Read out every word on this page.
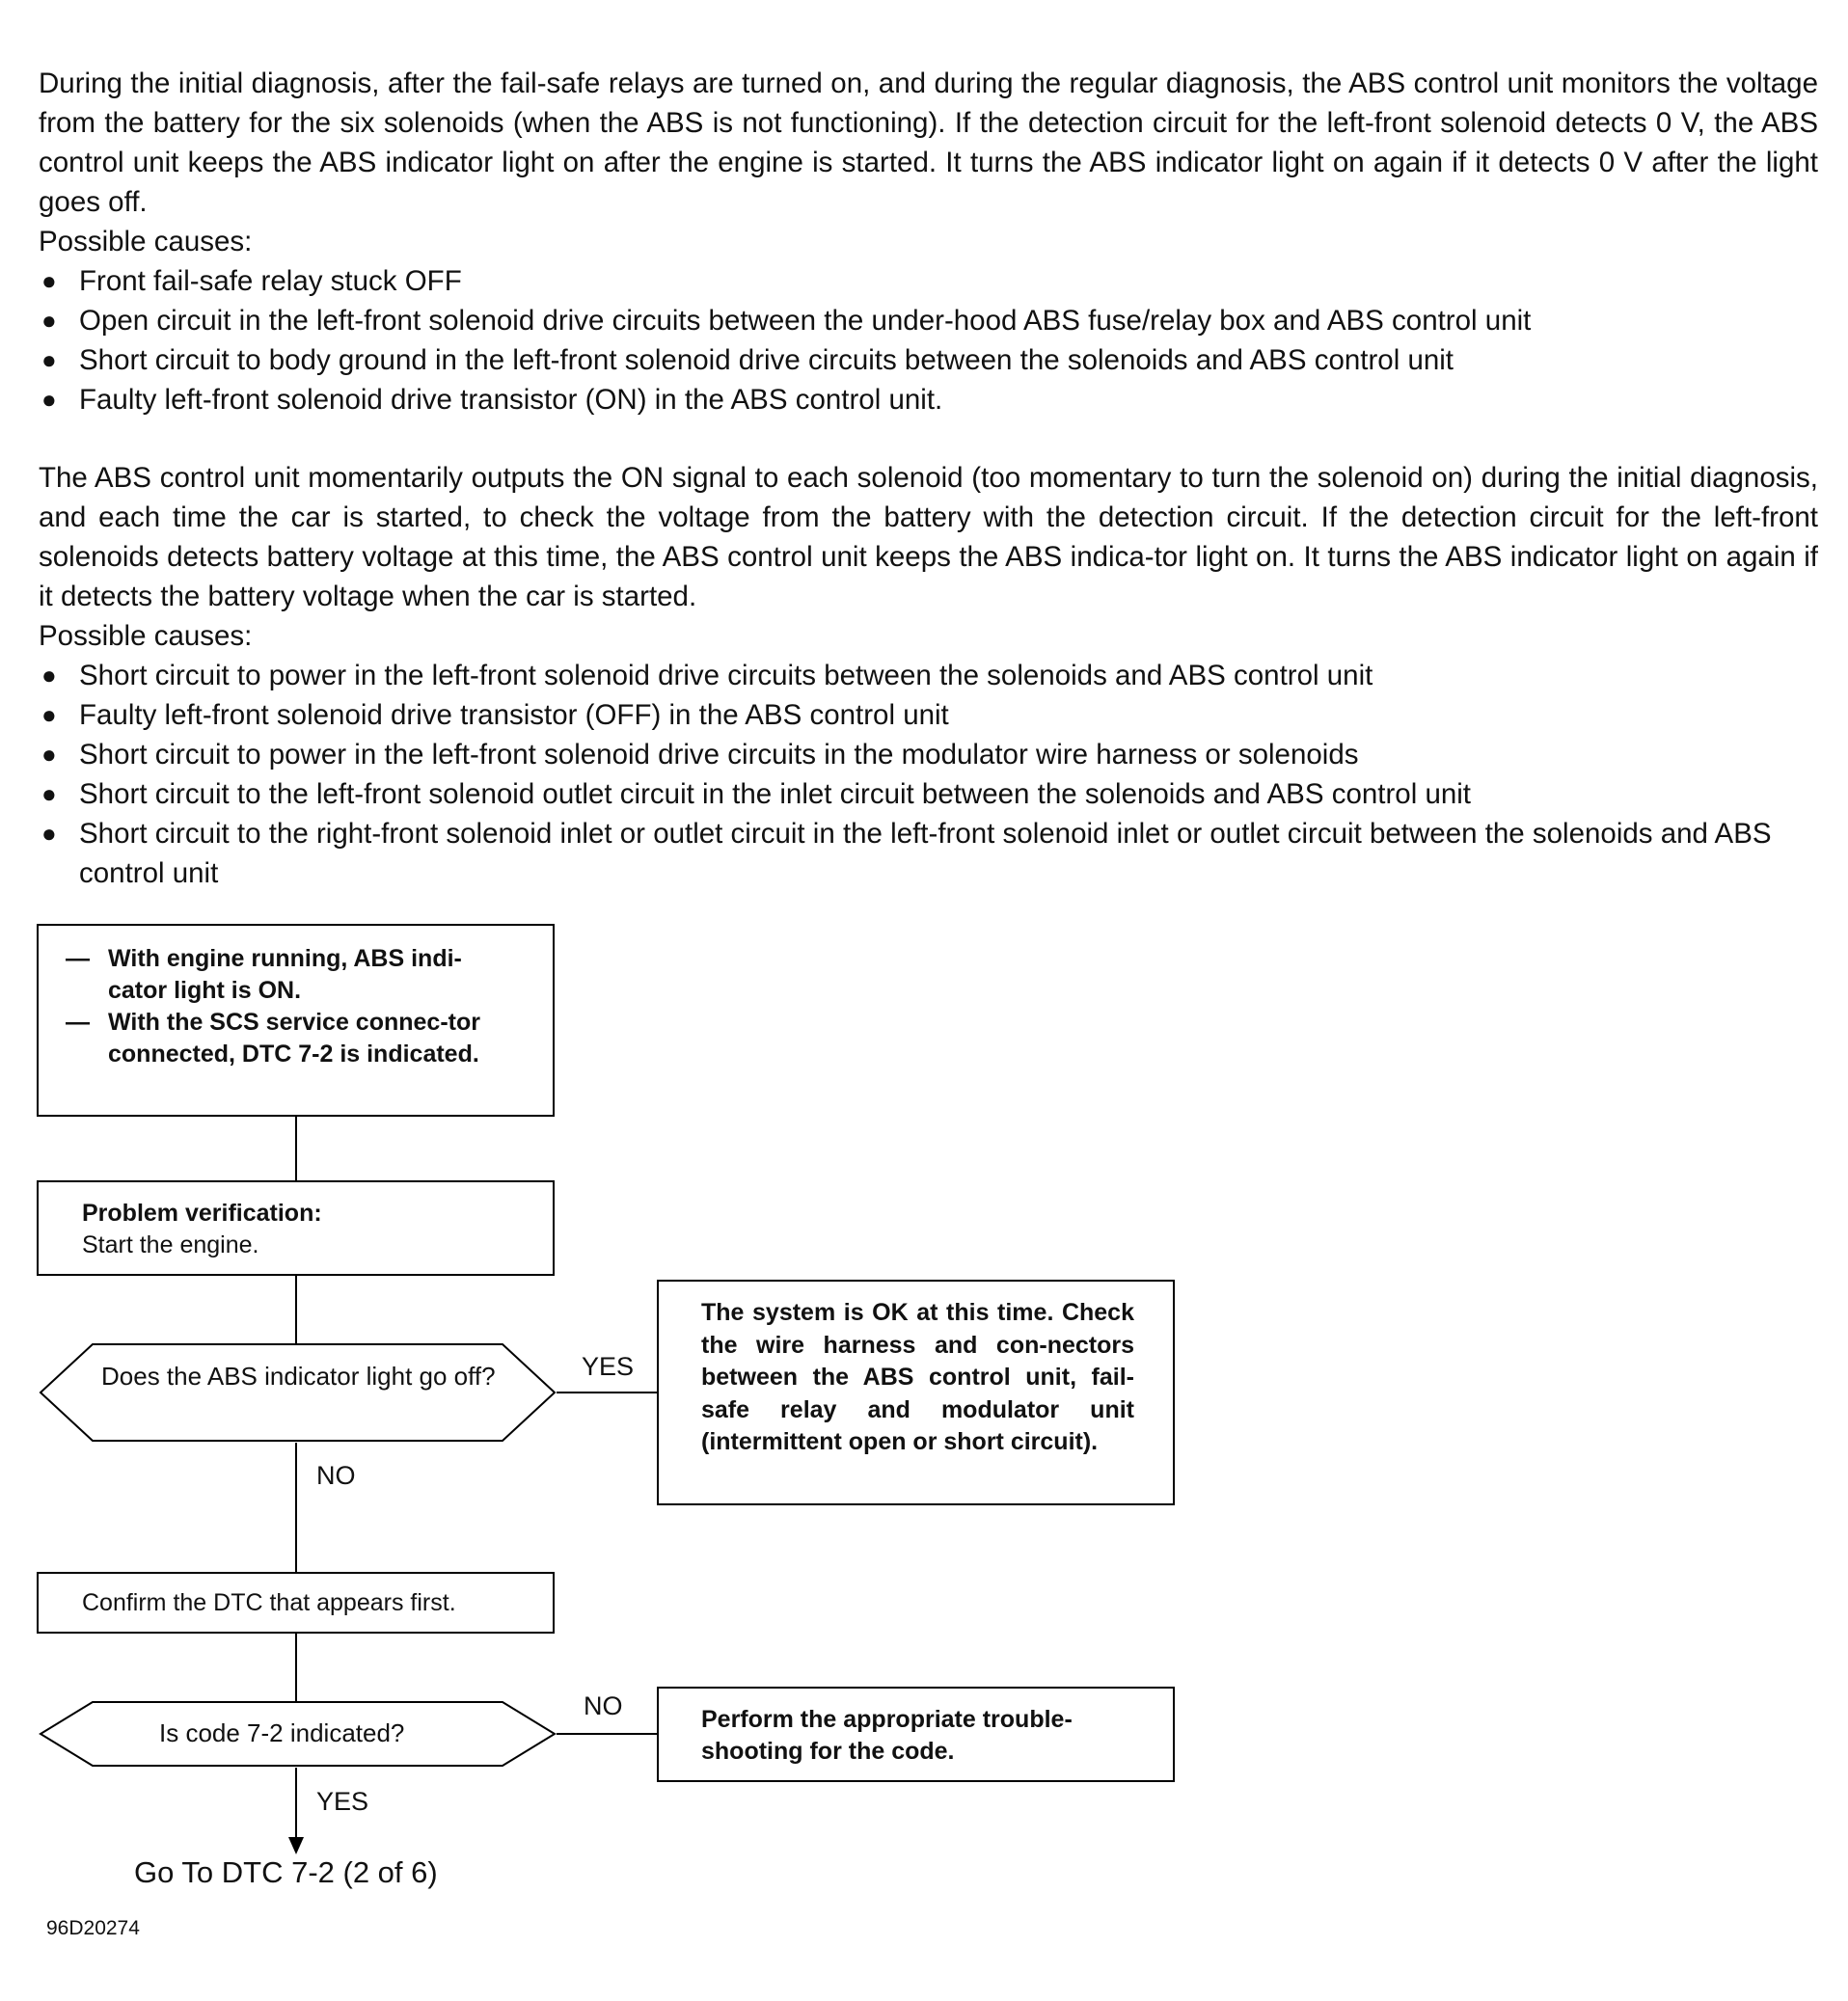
During the initial diagnosis, after the fail-safe relays are turned on, and during the regular diagnosis, the ABS control unit monitors the voltage from the battery for the six solenoids (when the ABS is not functioning). If the detection circuit for the left-front solenoid detects 0 V, the ABS control unit keeps the ABS indicator light on after the engine is started. It turns the ABS indicator light on again if it detects 0 V after the light goes off.

Possible causes:
● Front fail-safe relay stuck OFF
● Open circuit in the left-front solenoid drive circuits between the under-hood ABS fuse/relay box and ABS control unit
● Short circuit to body ground in the left-front solenoid drive circuits between the solenoids and ABS control unit
● Faulty left-front solenoid drive transistor (ON) in the ABS control unit.

The ABS control unit momentarily outputs the ON signal to each solenoid (too momentary to turn the solenoid on) during the initial diagnosis, and each time the car is started, to check the voltage from the battery with the detection circuit. If the detection circuit for the left-front solenoids detects battery voltage at this time, the ABS control unit keeps the ABS indica-tor light on. It turns the ABS indicator light on again if it detects the battery voltage when the car is started.

Possible causes:
● Short circuit to power in the left-front solenoid drive circuits between the solenoids and ABS control unit
● Faulty left-front solenoid drive transistor (OFF) in the ABS control unit
● Short circuit to power in the left-front solenoid drive circuits in the modulator wire harness or solenoids
● Short circuit to the left-front solenoid outlet circuit in the inlet circuit between the solenoids and ABS control unit
● Short circuit to the right-front solenoid inlet or outlet circuit in the left-front solenoid inlet or outlet circuit between the solenoids and ABS control unit
— With engine running, ABS indi-cator light is ON.
— With the SCS service connec-tor connected, DTC 7-2 is indicated.
Problem verification:
Start the engine.
Does the ABS indicator light go off?	YES
The system is OK at this time. Check the wire harness and con-nectors between the ABS control unit, fail-safe relay and modulator unit (intermittent open or short circuit).
NO
Confirm the DTC that appears first.
Is code 7-2 indicated?
NO	Perform the appropriate trouble-shooting for the code.
YES
Go To DTC 7-2 (2 of 6)
96D20274
